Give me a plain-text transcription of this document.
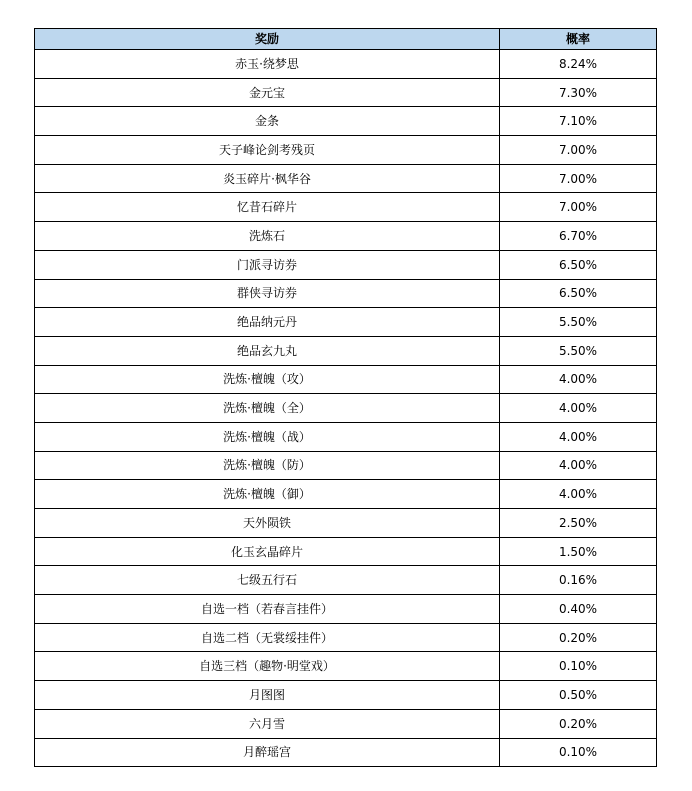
奖励	概率
赤玉·绕梦思	8.24%
金元宝	7.30%
金条	7.10%
天子峰论剑考残页	7.00%
炎玉碎片·枫华谷	7.00%
忆昔石碎片	7.00%
洗炼石	6.70%
门派寻访券	6.50%
群侠寻访券	6.50%
绝品纳元丹	5.50%
绝品玄九丸	5.50%
洗炼·檀魄（攻）	4.00%
洗炼·檀魄（全）	4.00%
洗炼·檀魄（战）	4.00%
洗炼·檀魄（防）	4.00%
洗炼·檀魄（御）	4.00%
天外陨铁	2.50%
化玉玄晶碎片	1.50%
七级五行石	0.16%
自选一档（若春言挂件）	0.40%
自选二档（无裳绥挂件）	0.20%
自选三档（趣物·明堂戏）	0.10%
月图图	0.50%
六月雪	0.20%
月醉瑶宫	0.10%
